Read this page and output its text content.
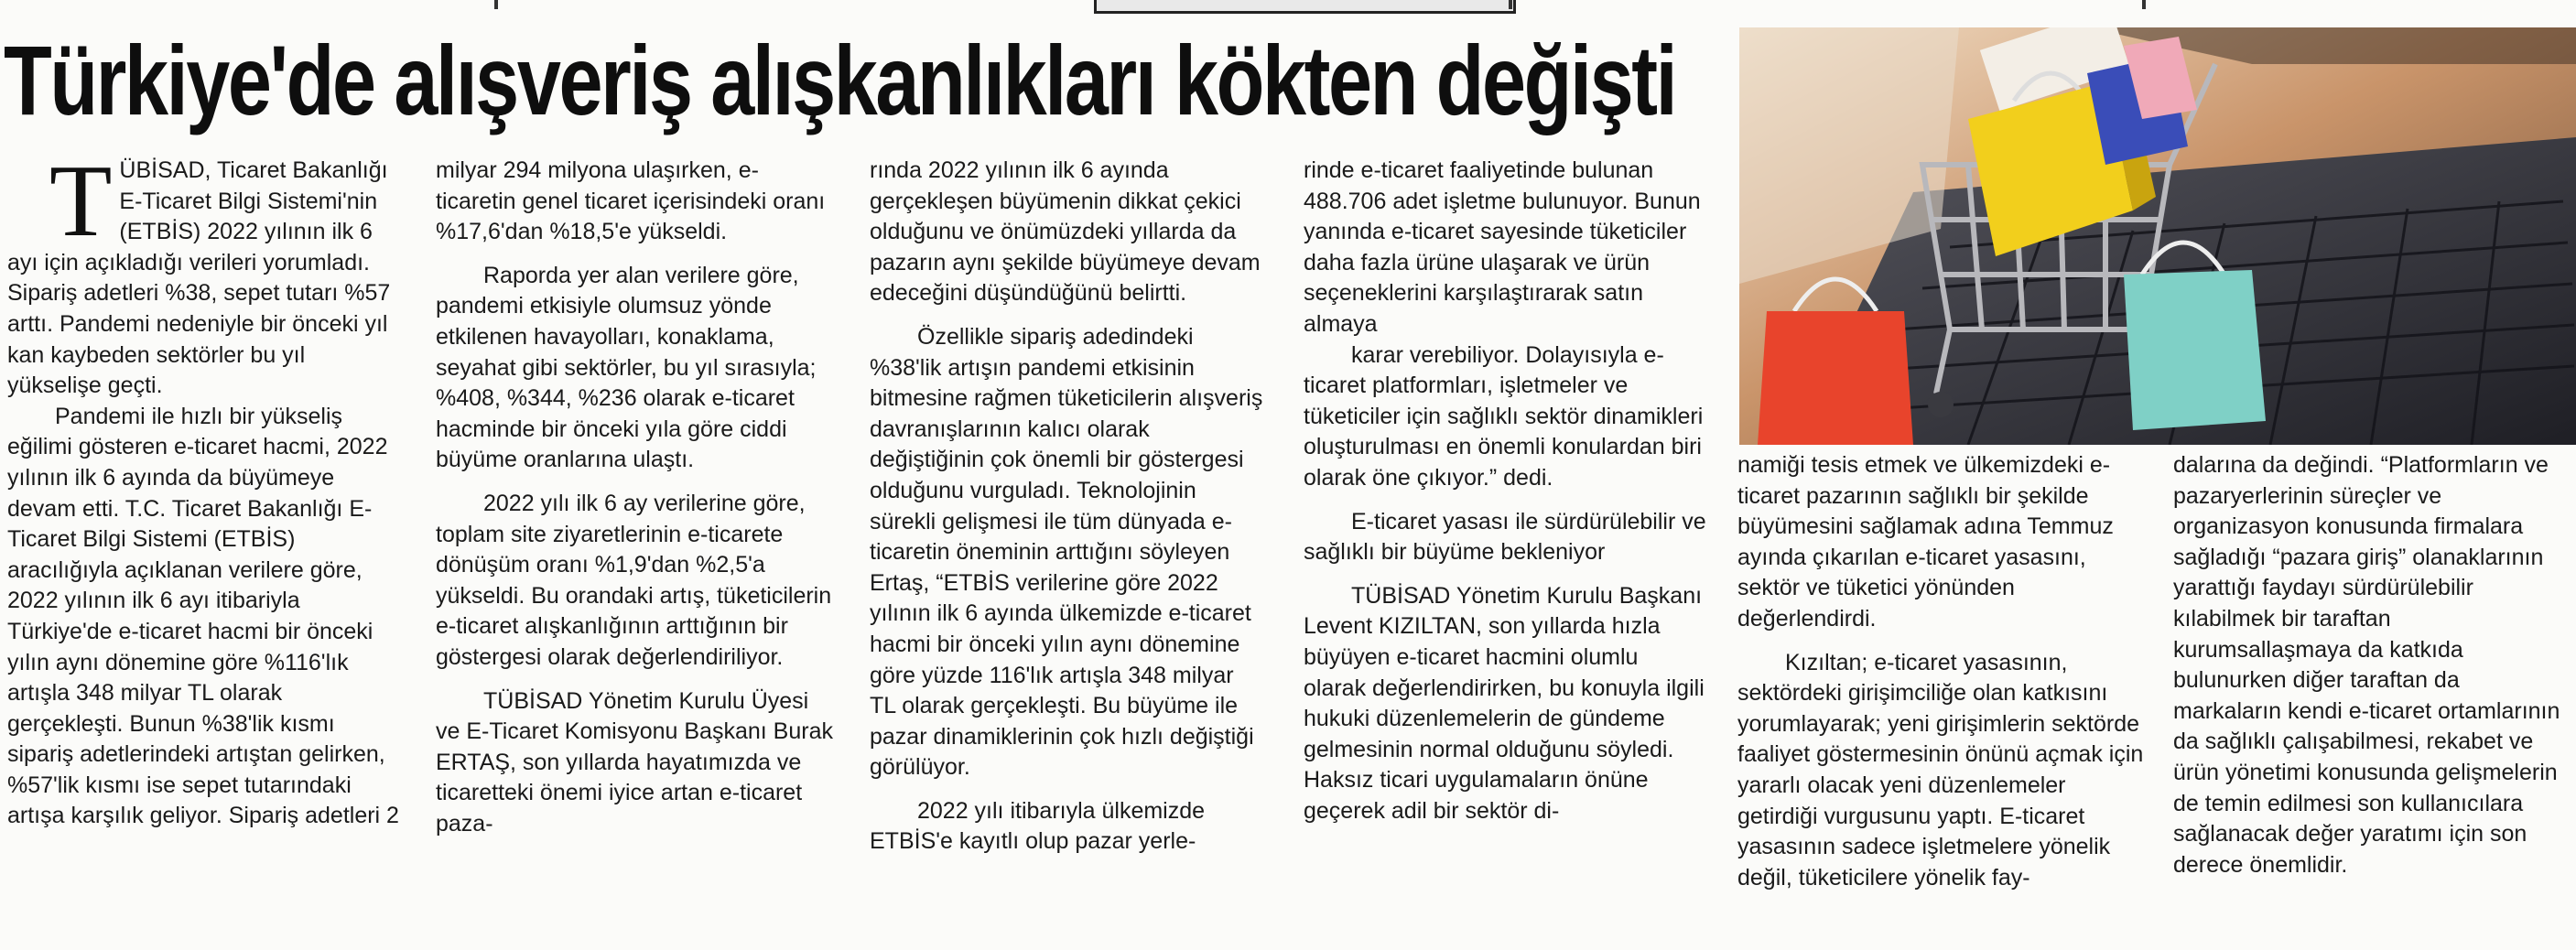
Türkiye'de alışveriş alışkanlıkları kökten değişti
T ÜBİSAD, Ticaret Bakanlığı E-Ticaret Bilgi Sistemi'nin (ETBİS) 2022 yılının ilk 6 ayı için açıkladığı verileri yorumladı. Sipariş adetleri %38, sepet tutarı %57 arttı. Pandemi nedeniyle bir önceki yıl kan kaybeden sektörler bu yıl yükselişe geçti.

Pandemi ile hızlı bir yükseliş eğilimi gösteren e-ticaret hacmi, 2022 yılının ilk 6 ayında da büyümeye devam etti. T.C. Ticaret Bakanlığı E-Ticaret Bilgi Sistemi (ETBİS) aracılığıyla açıklanan verilere göre, 2022 yılının ilk 6 ayı itibariyla Türkiye'de e-ticaret hacmi bir önceki yılın aynı dönemine göre %116'lık artışla 348 milyar TL olarak gerçekleşti. Bunun %38'lik kısmı sipariş adetlerindeki artıştan gelirken, %57'lik kısmı ise sepet tutarındaki artışa karşılık geliyor. Sipariş adetleri 2

milyar 294 milyona ulaşırken, e-ticaretin genel ticaret içerisindeki oranı %17,6'dan %18,5'e yükseldi.

Raporda yer alan verilere göre, pandemi etkisiyle olumsuz yönde etkilenen havayolları, konaklama, seyahat gibi sektörler, bu yıl sırasıyla; %408, %344, %236 olarak e-ticaret hacminde bir önceki yıla göre ciddi büyüme oranlarına ulaştı.

2022 yılı ilk 6 ay verilerine göre, toplam site ziyaretlerinin e-ticarete dönüşüm oranı %1,9'dan %2,5'a yükseldi. Bu orandaki artış, tüketicilerin e-ticaret alışkanlığının arttığının bir göstergesi olarak değerlendiriliyor.

TÜBİSAD Yönetim Kurulu Üyesi ve E-Ticaret Komisyonu Başkanı Burak ERTAŞ, son yıllarda hayatımızda ve ticaretteki önemi iyice artan e-ticaret paza-

rında 2022 yılının ilk 6 ayında gerçekleşen büyümenin dikkat çekici olduğunu ve önümüzdeki yıllarda da pazarın aynı şekilde büyümeye devam edeceğini düşündüğünü belirtti.

Özellikle sipariş adedindeki %38'lik artışın pandemi etkisinin bitmesine rağmen tüketicilerin alışveriş davranışlarının kalıcı olarak değiştiğinin çok önemli bir göstergesi olduğunu vurguladı. Teknolojinin sürekli gelişmesi ile tüm dünyada e-ticaretin öneminin arttığını söyleyen Ertaş, “ETBİS verilerine göre 2022 yılının ilk 6 ayında ülkemizde e-ticaret hacmi bir önceki yılın aynı dönemine göre yüzde 116'lık artışla 348 milyar TL olarak gerçekleşti. Bu büyüme ile pazar dinamiklerinin çok hızlı değiştiği görülüyor.

2022 yılı itibarıyla ülkemizde ETBİS'e kayıtlı olup pazar yerle-

rinde e-ticaret faaliyetinde bulunan 488.706 adet işletme bulunuyor. Bunun yanında e-ticaret sayesinde tüketiciler daha fazla ürüne ulaşarak ve ürün seçeneklerini karşılaştırarak satın almaya

karar verebiliyor. Dolayısıyla e-ticaret platformları, işletmeler ve tüketiciler için sağlıklı sektör dinamikleri oluşturulması en önemli konulardan biri olarak öne çıkıyor.” dedi.

E-ticaret yasası ile sürdürülebilir ve sağlıklı bir büyüme bekleniyor

TÜBİSAD Yönetim Kurulu Başkanı Levent KIZILTAN, son yıllarda hızla büyüyen e-ticaret hacmini olumlu olarak değerlendirirken, bu konuyla ilgili hukuki düzenlemelerin de gündeme gelmesinin normal olduğunu söyledi. Haksız ticari uygulamaların önüne geçerek adil bir sektör di-

namiği tesis etmek ve ülkemizdeki e-ticaret pazarının sağlıklı bir şekilde büyümesini sağlamak adına Temmuz ayında çıkarılan e-ticaret yasasını, sektör ve tüketici yönünden değerlendirdi.

Kızıltan; e-ticaret yasasının, sektördeki girişimciliğe olan katkısını yorumlayarak; yeni girişimlerin sektörde faaliyet göstermesinin önünü açmak için yararlı olacak yeni düzenlemeler getirdiği vurgusunu yaptı. E-ticaret yasasının sadece işletmelere yönelik değil, tüketicilere yönelik fay-

dalarına da değindi. “Platformların ve pazaryerlerinin süreçler ve organizasyon konusunda firmalara sağladığı “pazara giriş” olanaklarının yarattığı faydayı sürdürülebilir kılabilmek bir taraftan kurumsallaşmaya da katkıda bulunurken diğer taraftan da markaların kendi e-ticaret ortamlarının da sağlıklı çalışabilmesi, rekabet ve ürün yönetimi konusunda gelişmelerin de temin edilmesi son kullanıcılara sağlanacak değer yaratımı için son derece önemlidir.
